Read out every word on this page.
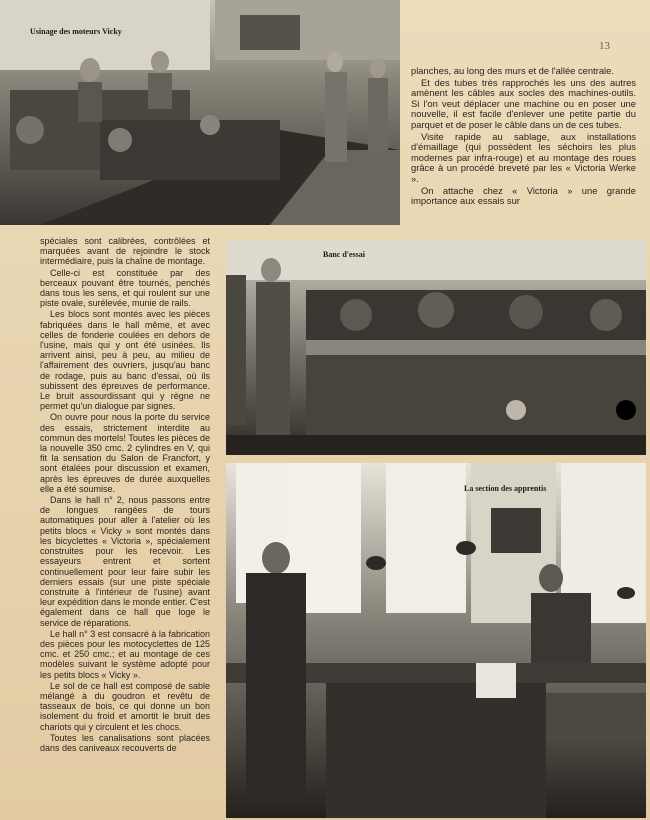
Usinage des moteurs Vicky
13

planches, au long des murs et de l'allée centrale.

Et des tubes très rapprochés les uns des autres amènent les câbles aux socles des machines-outils. Si l'on veut déplacer une machine ou en poser une nouvelle, il est facile d'enlever une petite partie du parquet et de poser le câble dans un de ces tubes.

Visite rapide au sablage, aux installations d'émaillage (qui possèdent les séchoirs les plus modernes par infra-rouge) et au montage des roues grâce à un procédé breveté par les « Victoria Werke ».

On attache chez « Victoria » une grande importance aux essais sur

spéciales sont calibrées, contrôlées et marquées avant de rejoindre le stock intermédiaire, puis la chaîne de montage.

Celle-ci est constituée par des berceaux pouvant être tournés, penchés dans tous les sens, et qui roulent sur une piste ovale, surélevée, munie de rails.

Les blocs sont montés avec les pièces fabriquées dans le hall même, et avec celles de fonderie coulées en dehors de l'usine, mais qui y ont été usinées. Ils arrivent ainsi, peu à peu, au milieu de l'affairement des ouvriers, jusqu'au banc de rodage, puis au banc d'essai, où ils subissent des épreuves de performance. Le bruit assourdissant qui y règne ne permet qu'un dialogue par signes.

On ouvre pour nous la porte du service des essais, strictement interdite au commun des mortels! Toutes les pièces de la nouvelle 350 cmc. 2 cylindres en V, qui fit la sensation du Salon de Francfort, y sont étalées pour discussion et examen, après les épreuves de durée auxquelles elle a été soumise.

Dans le hall n° 2, nous passons entre de longues rangées de tours automatiques pour aller à l'atelier où les petits blocs « Vicky » sont montés dans les bicyclettes « Victoria », spécialement construites pour les recevoir. Les essayeurs entrent et sortent continuellement pour leur faire subir les derniers essais (sur une piste spéciale construite à l'intérieur de l'usine) avant leur expédition dans le monde entier. C'est également dans ce hall que loge le service de réparations.

Le hall n° 3 est consacré à la fabrication des pièces pour les motocyclettes de 125 cmc. et 250 cmc.; et au montage de ces modèles suivant le système adopté pour les petits blocs « Vicky ».

Le sol de ce hall est composé de sable mélangé à du goudron et revêtu de tasseaux de bois, ce qui donne un bon isolement du froid et amortit le bruit des chariots qui y circulent et les chocs.

Toutes les canalisations sont placées dans des caniveaux recouverts de

Banc d'essai
La section des apprentis
